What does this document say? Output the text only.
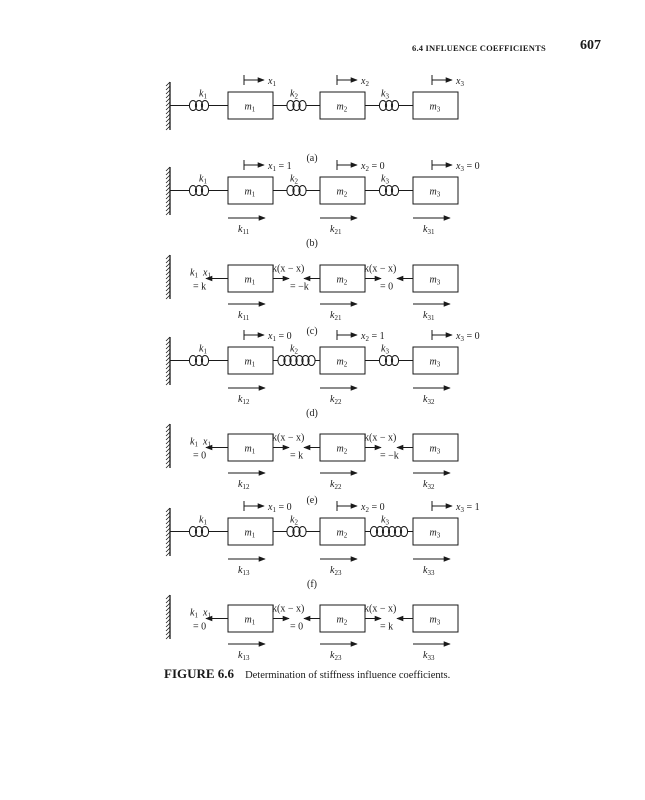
6.4 INFLUENCE COEFFICIENTS 607
$m_1$	$m_2$	$m_3$
$k_1$	$k_2$	$k_3$
$x_1$	$x_2$	$x_3$
(a)
$m_1$	$m_2$	$m_3$
$k_1$	$k_2$	$k_3$
$x_1 = 1$	$x_2 = 0$	$x_3 = 0$
$k_{11}$	$k_{21}$	$k_{31}$
(b)
$m_1$	$m_2$	$m_3$
$k_1$ $x_1$
= k
k(x − x)
= −k
k(x − x)
= 0
$k_{11}$	$k_{21}$	$k_{31}$
(c)
$m_1$	$m_2$	$m_3$
$k_1$	$k_2$	$k_3$
$x_1 = 0$	$x_2 = 1$	$x_3 = 0$
$k_{12}$	$k_{22}$	$k_{32}$
(d)
$m_1$	$m_2$	$m_3$
$k_1$ $x_1$
= 0
k(x − x)
= k
k(x − x)
= −k
$k_{12}$	$k_{22}$	$k_{32}$
(e)
$m_1$	$m_2$	$m_3$
$k_1$	$k_2$	$k_3$
$x_1 = 0$	$x_2 = 0$	$x_3 = 1$
$k_{13}$	$k_{23}$	$k_{33}$
(f)
$m_1$	$m_2$	$m_3$
$k_1$ $x_1$
= 0
k(x − x)
= 0
k(x − x)
= k
$k_{13}$	$k_{23}$	$k_{33}$
FIGURE 6.6 Determination of stiffness influence coefficients.
